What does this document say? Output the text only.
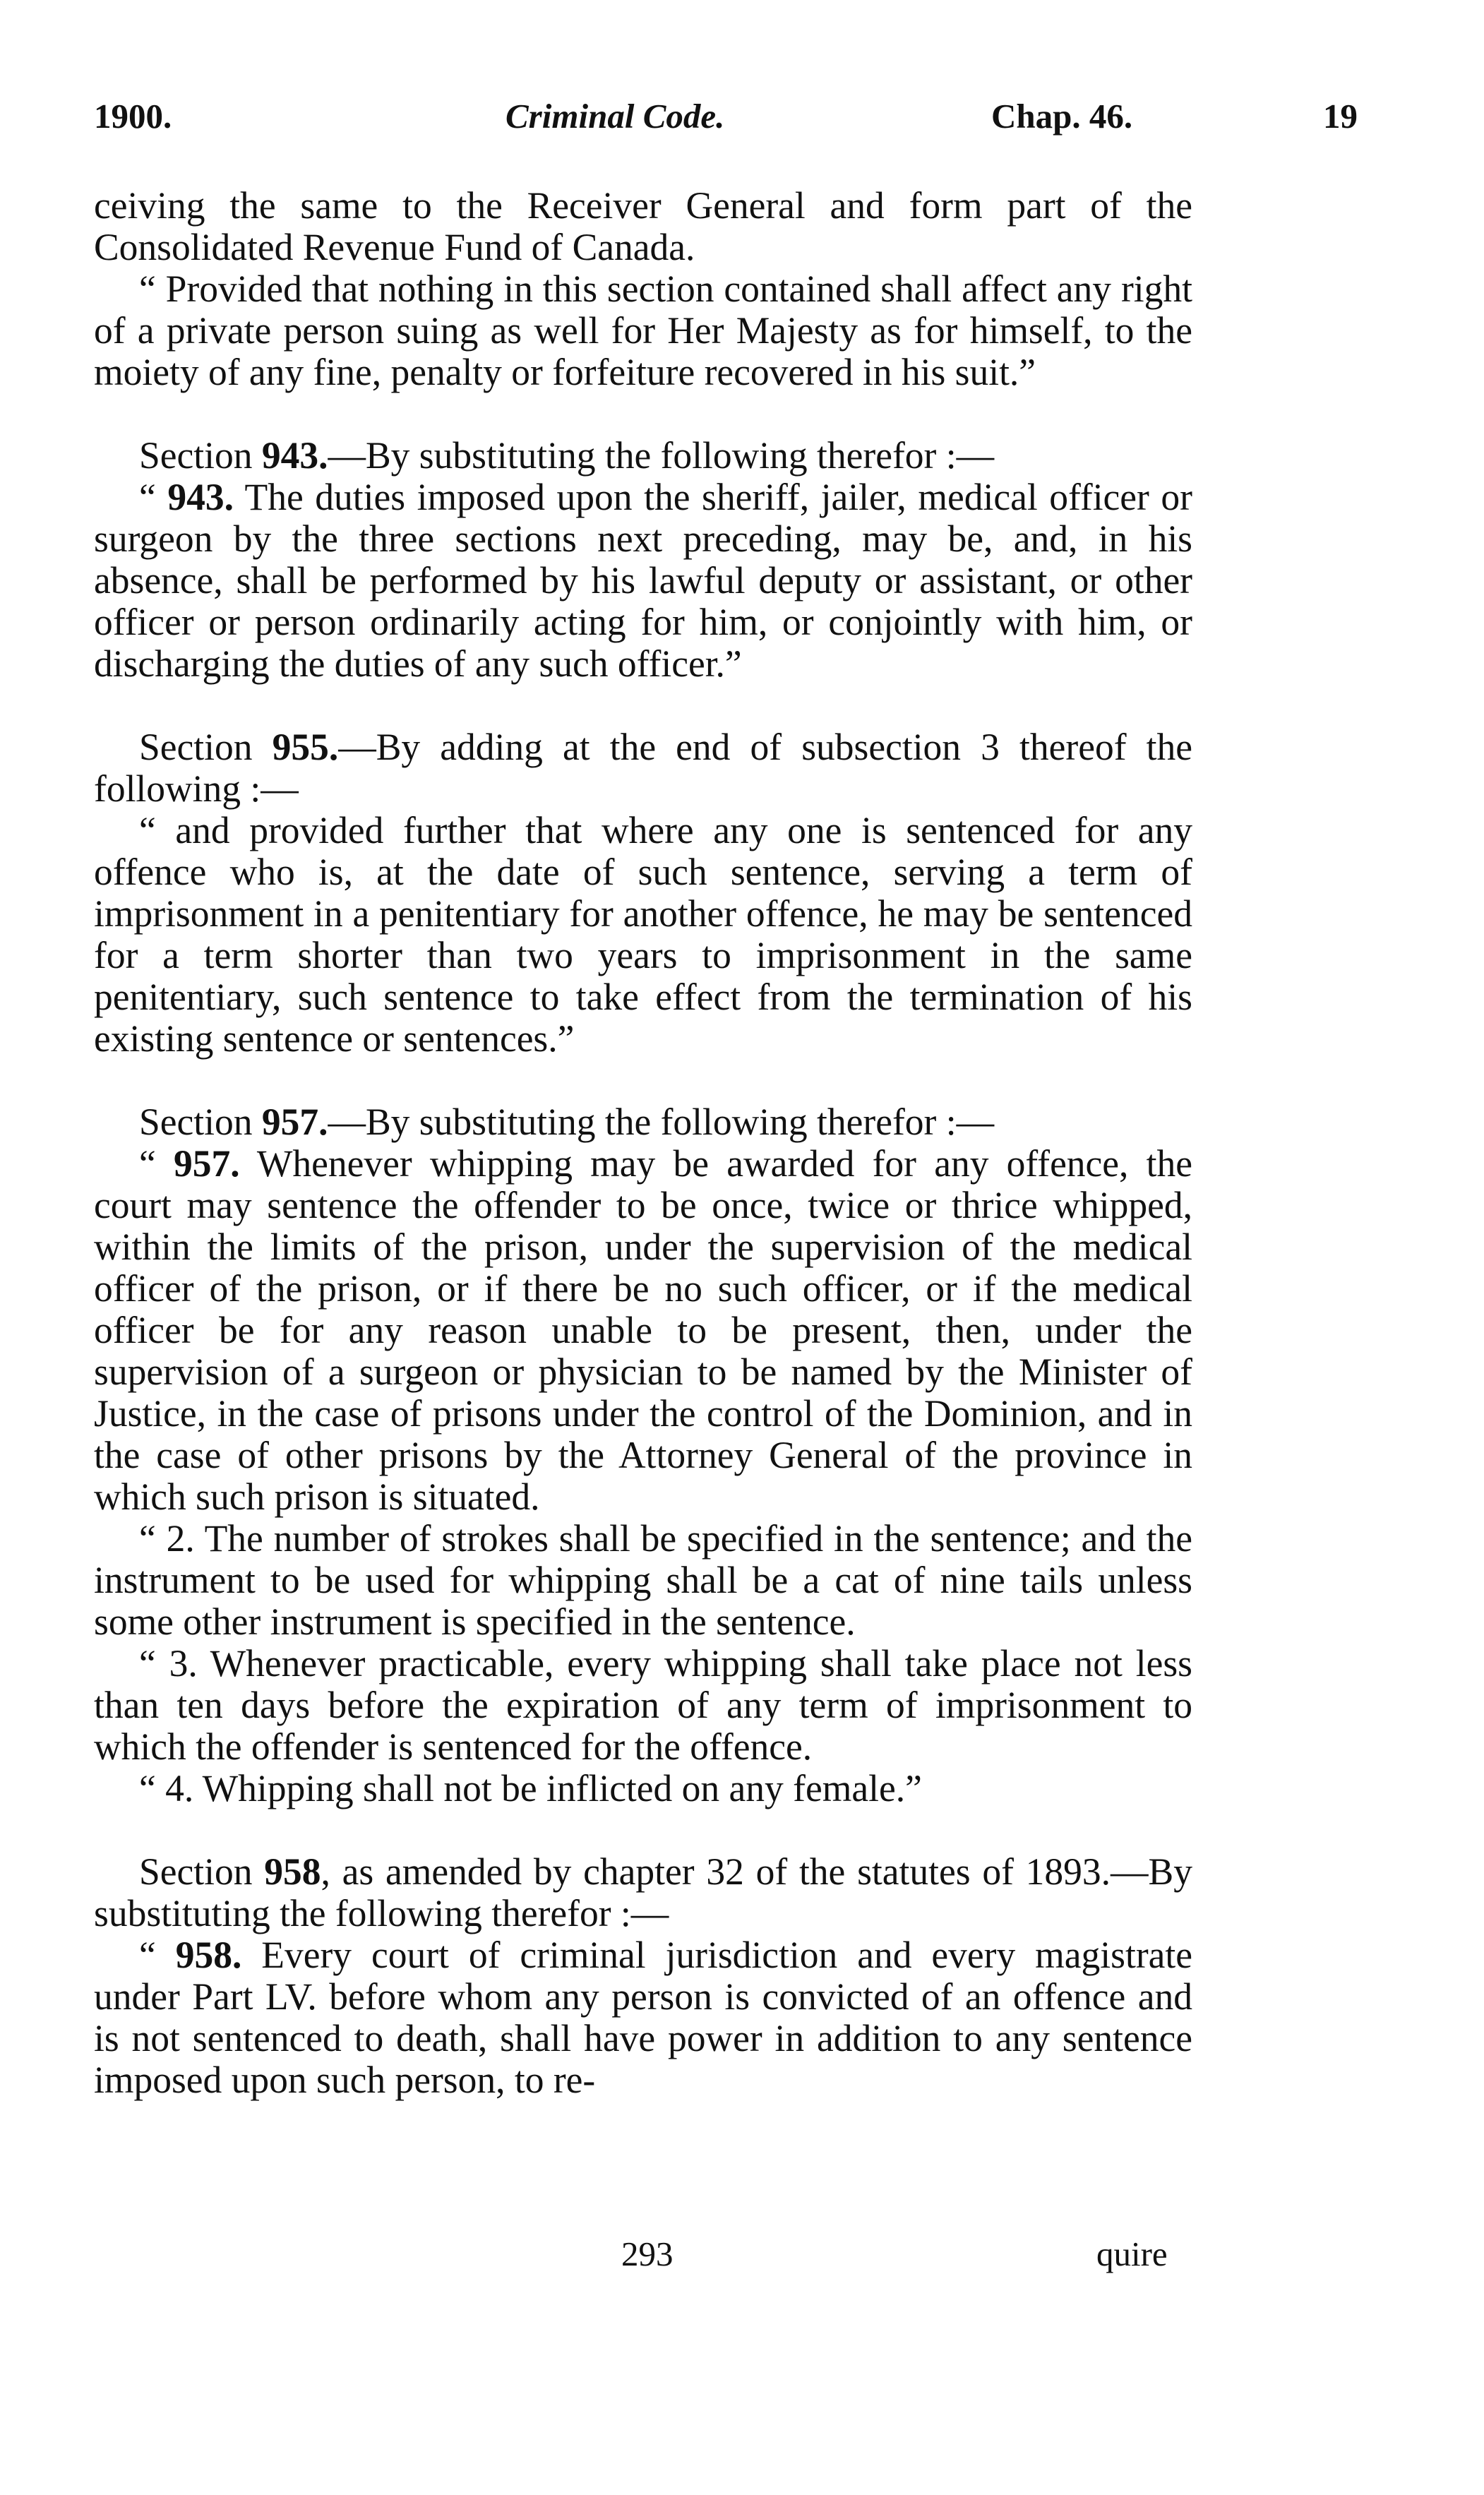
1900.	Criminal Code.	Chap. 46.	19

ceiving the same to the Receiver General and form part of the Consolidated Revenue Fund of Canada.

“ Provided that nothing in this section contained shall affect any right of a private person suing as well for Her Majesty as for himself, to the moiety of any fine, penalty or forfeiture recovered in his suit.”

Section 943.—By substituting the following therefor :—

“ 943. The duties imposed upon the sheriff, jailer, medical officer or surgeon by the three sections next preceding, may be, and, in his absence, shall be performed by his lawful deputy or assistant, or other officer or person ordinarily acting for him, or conjointly with him, or discharging the duties of any such officer.”

Section 955.—By adding at the end of subsection 3 thereof the following :—

“ and provided further that where any one is sentenced for any offence who is, at the date of such sentence, serving a term of imprisonment in a penitentiary for another offence, he may be sentenced for a term shorter than two years to imprisonment in the same penitentiary, such sentence to take effect from the termination of his existing sentence or sentences.”

Section 957.—By substituting the following therefor :—

“ 957. Whenever whipping may be awarded for any offence, the court may sentence the offender to be once, twice or thrice whipped, within the limits of the prison, under the supervision of the medical officer of the prison, or if there be no such officer, or if the medical officer be for any reason unable to be present, then, under the supervision of a surgeon or physician to be named by the Minister of Justice, in the case of prisons under the control of the Dominion, and in the case of other prisons by the Attorney General of the province in which such prison is situated.

“ 2. The number of strokes shall be specified in the sentence; and the instrument to be used for whipping shall be a cat of nine tails unless some other instrument is specified in the sentence.

“ 3. Whenever practicable, every whipping shall take place not less than ten days before the expiration of any term of imprisonment to which the offender is sentenced for the offence.

“ 4. Whipping shall not be inflicted on any female.”

Section 958, as amended by chapter 32 of the statutes of 1893.—By substituting the following therefor :—

“ 958. Every court of criminal jurisdiction and every magistrate under Part LV. before whom any person is convicted of an offence and is not sentenced to death, shall have power in addition to any sentence imposed upon such person, to re-

293	quire
